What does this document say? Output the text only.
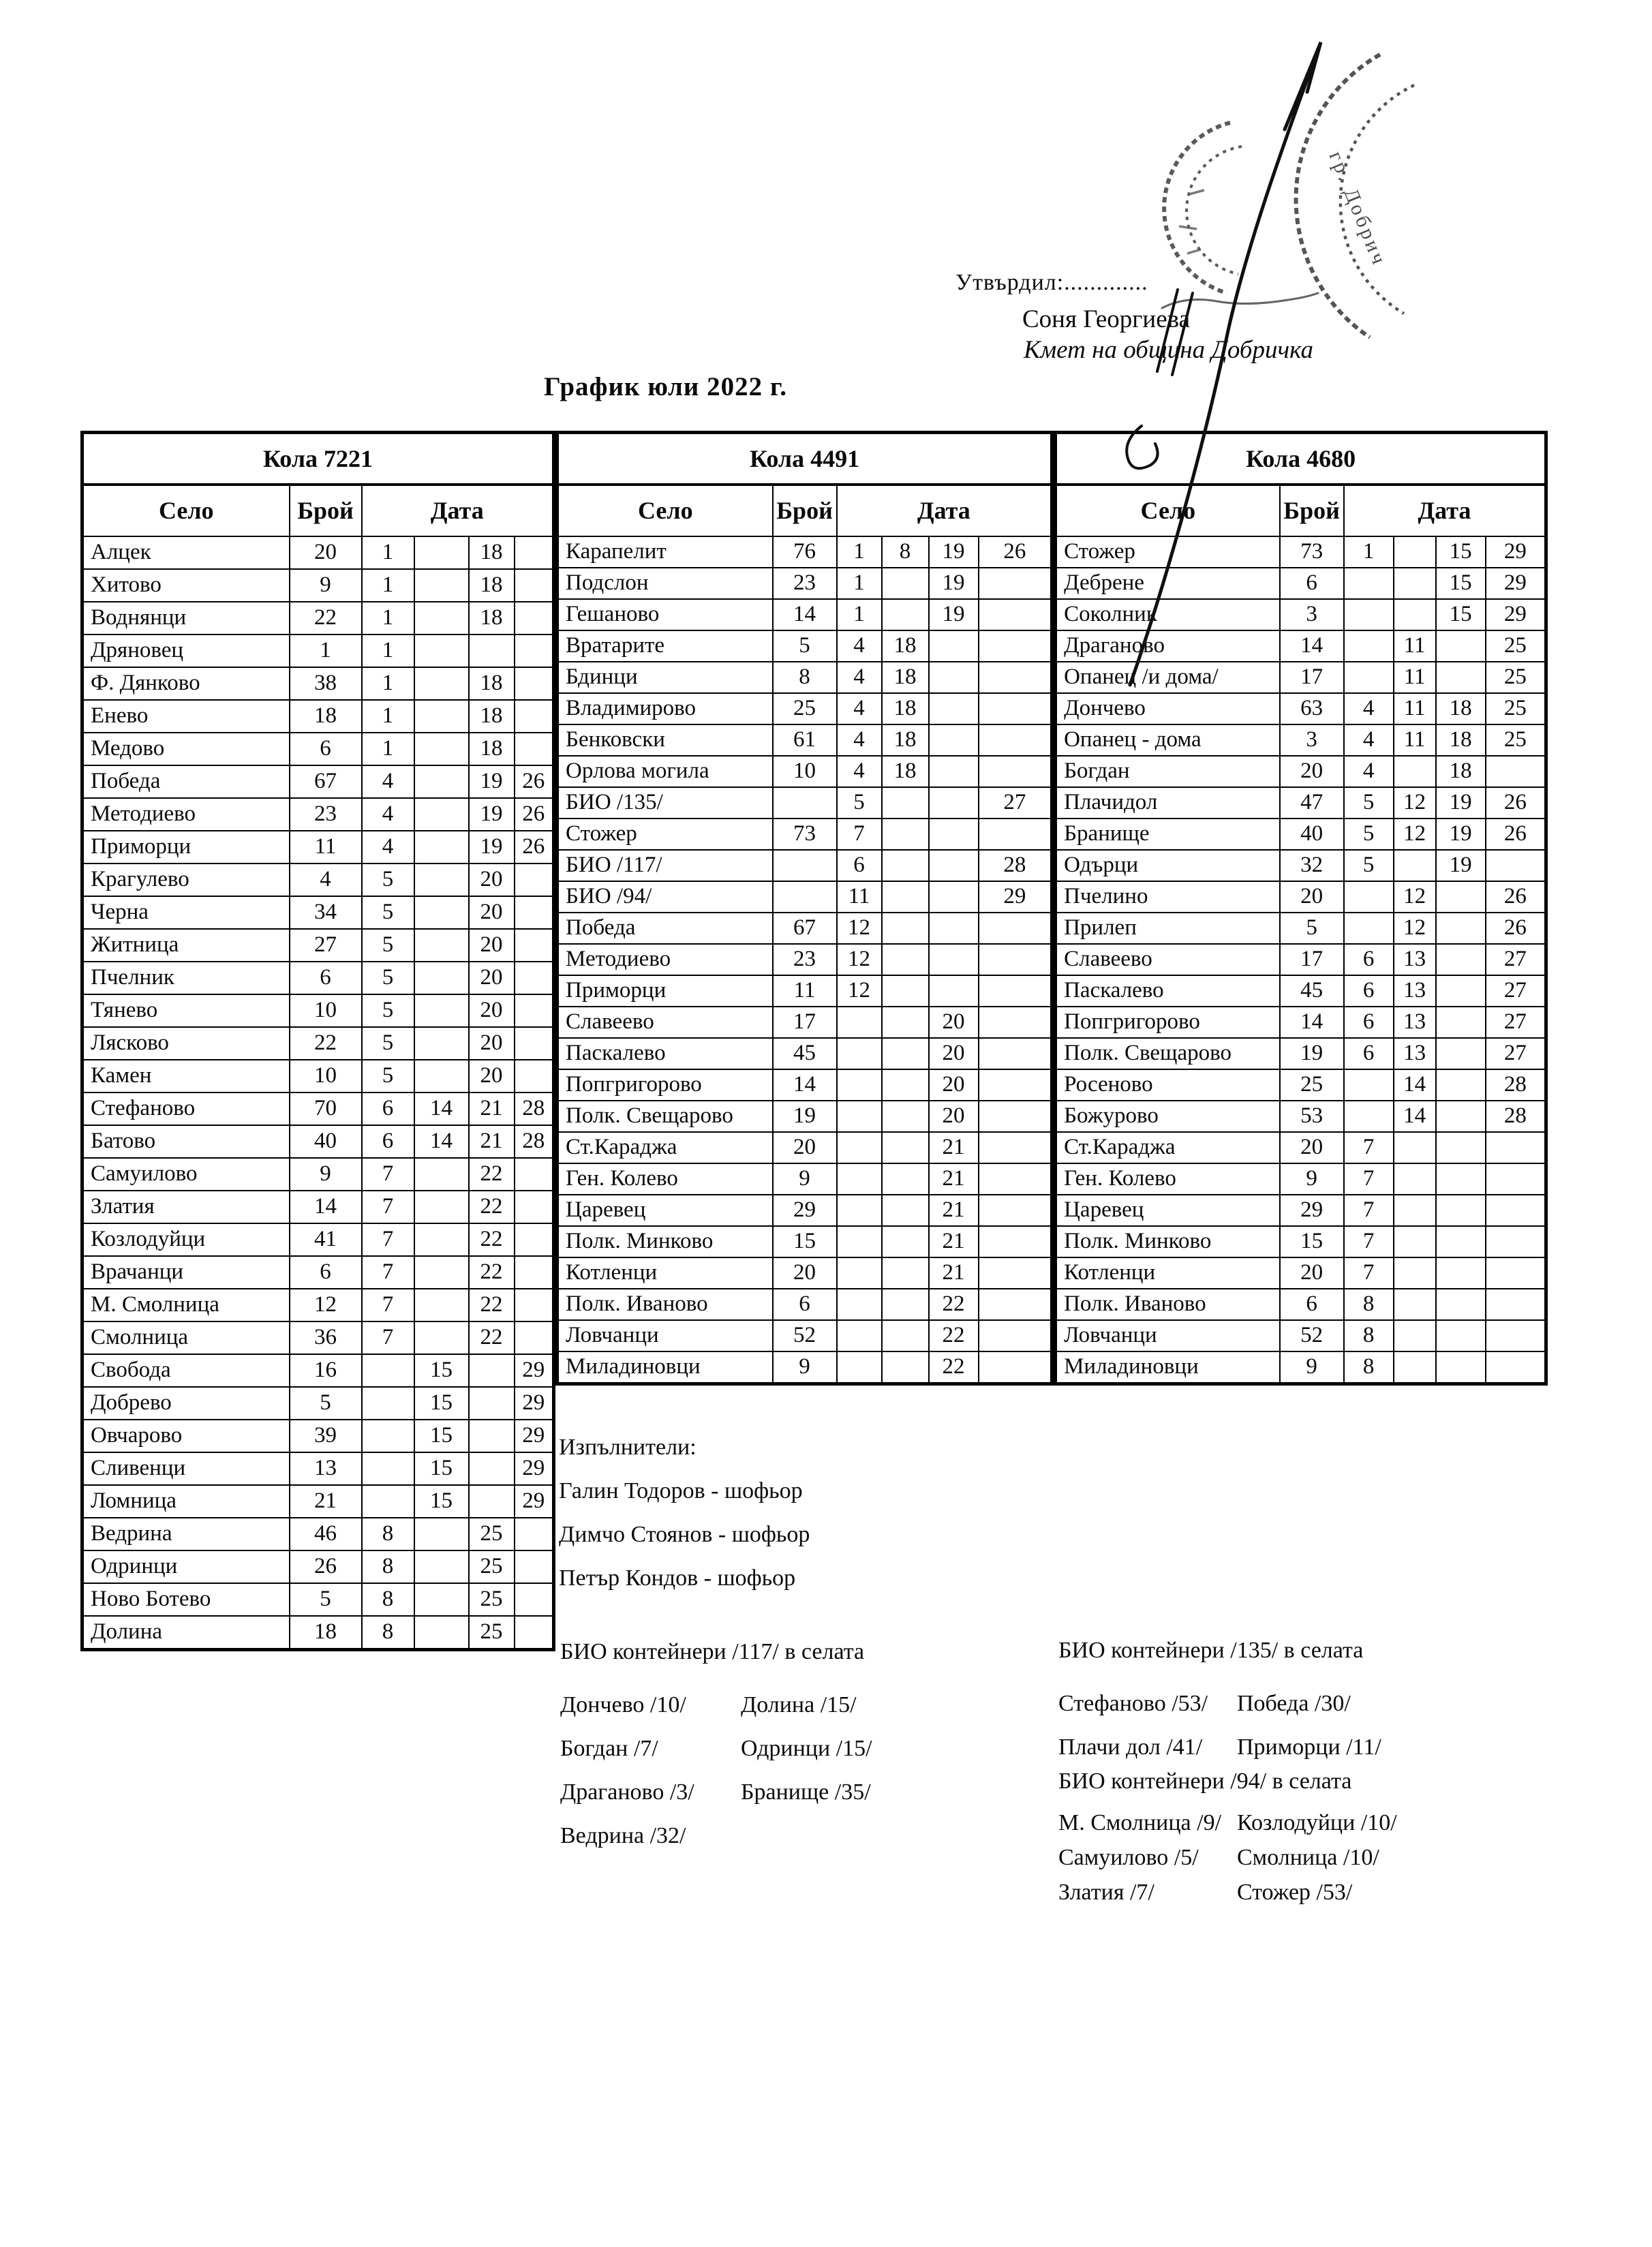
Утвърдил:.............
Соня Георгиева
Кмет на община Добричка
График юли 2022 г.
Кола 7221					
Село	Брой	Дата			
Алцек	20	1		18	
Хитово	9	1		18	
Воднянци	22	1		18	
Дряновец	1	1			
Ф. Дянково	38	1		18	
Енево	18	1		18	
Медово	6	1		18	
Победа	67	4		19	26
Методиево	23	4		19	26
Приморци	11	4		19	26
Крагулево	4	5		20	
Черна	34	5		20	
Житница	27	5		20	
Пчелник	6	5		20	
Тянево	10	5		20	
Лясково	22	5		20	
Камен	10	5		20	
Стефаново	70	6	14	21	28
Батово	40	6	14	21	28
Самуилово	9	7		22	
Златия	14	7		22	
Козлодуйци	41	7		22	
Врачанци	6	7		22	
М. Смолница	12	7		22	
Смолница	36	7		22	
Свобода	16		15		29
Добрево	5		15		29
Овчарово	39		15		29
Сливенци	13		15		29
Ломница	21		15		29
Ведрина	46	8		25	
Одринци	26	8		25	
Ново Ботево	5	8		25	
Долина	18	8		25	
Кола 4491					
Село	Брой	Дата			
Карапелит	76	1	8	19	26
Подслон	23	1		19	
Гешаново	14	1		19	
Вратарите	5	4	18		
Бдинци	8	4	18		
Владимирово	25	4	18		
Бенковски	61	4	18		
Орлова могила	10	4	18		
БИО /135/		5			27
Стожер	73	7			
БИО /117/		6			28
БИО /94/		11			29
Победа	67	12			
Методиево	23	12			
Приморци	11	12			
Славеево	17			20	
Паскалево	45			20	
Попгригорово	14			20	
Полк. Свещарово	19			20	
Ст.Караджа	20			21	
Ген. Колево	9			21	
Царевец	29			21	
Полк. Минково	15			21	
Котленци	20			21	
Полк. Иваново	6			22	
Ловчанци	52			22	
Миладиновци	9			22	
Кола 4680					
Село	Брой	Дата			
Стожер	73	1		15	29
Дебрене	6			15	29
Соколник	3			15	29
Драганово	14		11		25
Опанец /и дома/	17		11		25
Дончево	63	4	11	18	25
Опанец - дома	3	4	11	18	25
Богдан	20	4		18	
Плачидол	47	5	12	19	26
Бранище	40	5	12	19	26
Одърци	32	5		19	
Пчелино	20		12		26
Прилеп	5		12		26
Славеево	17	6	13		27
Паскалево	45	6	13		27
Попгригорово	14	6	13		27
Полк. Свещарово	19	6	13		27
Росеново	25		14		28
Божурово	53		14		28
Ст.Караджа	20	7			
Ген. Колево	9	7			
Царевец	29	7			
Полк. Минково	15	7			
Котленци	20	7			
Полк. Иваново	6	8			
Ловчанци	52	8			
Миладиновци	9	8			
Изпълнители:
Галин Тодоров - шофьор
Димчо Стоянов - шофьор
Петър Кондов - шофьор
БИО контейнери /117/ в селата
Дончево /10/	Долина /15/
Богдан /7/	Одринци /15/
Драганово /3/	Бранище /35/
Ведрина /32/
БИО контейнери /135/ в селата
Стефаново /53/	Победа /30/
Плачи дол /41/	Приморци /11/
БИО контейнери /94/ в селата
М. Смолница /9/ Козлодуйци /10/
Самуилово /5/	Смолница /10/
Златия /7/	Стожер /53/
гр. Добрич
